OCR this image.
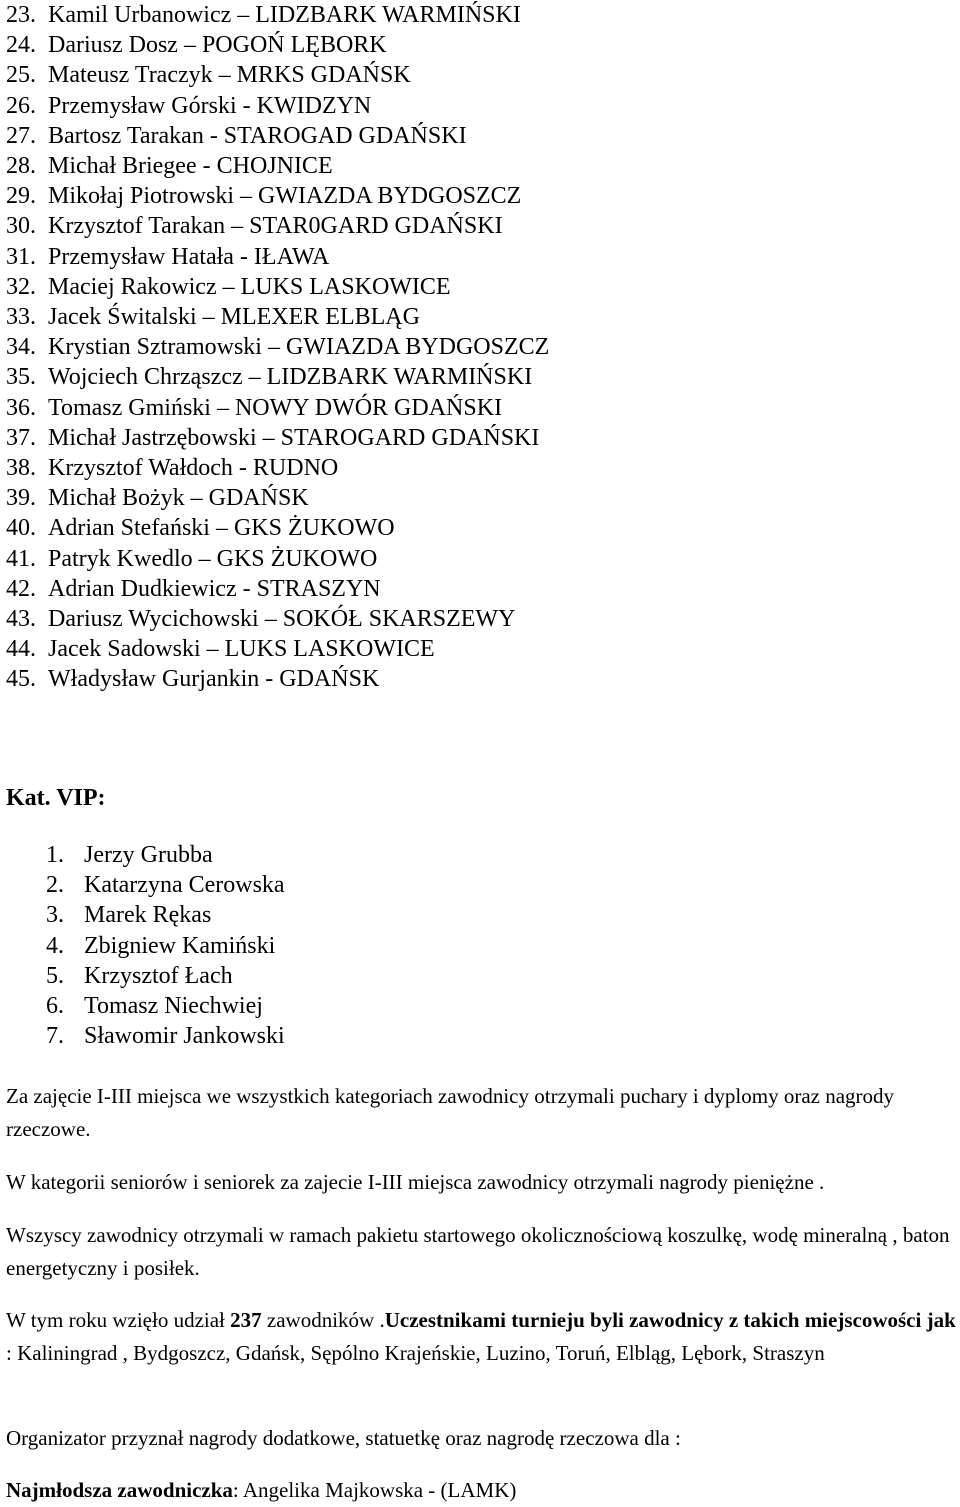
23. Kamil Urbanowicz – LIDZBARK WARMIŃSKI
24. Dariusz Dosz – POGOŃ LĘBORK
25. Mateusz Traczyk – MRKS GDAŃSK
26. Przemysław Górski - KWIDZYN
27. Bartosz Tarakan - STAROGAD GDAŃSKI
28. Michał Briegee - CHOJNICE
29. Mikołaj Piotrowski – GWIAZDA BYDGOSZCZ
30. Krzysztof Tarakan – STAR0GARD GDAŃSKI
31. Przemysław Hatała - IŁAWA
32. Maciej Rakowicz – LUKS LASKOWICE
33. Jacek Świtalski – MLEXER ELBLĄG
34. Krystian Sztramowski – GWIAZDA BYDGOSZCZ
35. Wojciech Chrząszcz – LIDZBARK WARMIŃSKI
36. Tomasz Gmiński – NOWY DWÓR GDAŃSKI
37. Michał Jastrzębowski – STAROGARD GDAŃSKI
38. Krzysztof Wałdoch - RUDNO
39. Michał Bożyk – GDAŃSK
40. Adrian Stefański – GKS ŻUKOWO
41. Patryk Kwedlo – GKS ŻUKOWO
42. Adrian Dudkiewicz - STRASZYN
43. Dariusz Wycichowski – SOKÓŁ SKARSZEWY
44. Jacek Sadowski – LUKS LASKOWICE
45. Władysław Gurjankin - GDAŃSK

Kat. VIP:

1. Jerzy Grubba
2. Katarzyna Cerowska
3. Marek Rękas
4. Zbigniew Kamiński
5. Krzysztof Łach
6. Tomasz Niechwiej
7. Sławomir Jankowski

Za zajęcie I-III miejsca we wszystkich kategoriach zawodnicy otrzymali puchary i dyplomy oraz nagrody rzeczowe.

W kategorii seniorów i seniorek za zajecie I-III miejsca zawodnicy otrzymali nagrody pieniężne .

Wszyscy zawodnicy otrzymali w ramach pakietu startowego okolicznościową koszulkę, wodę mineralną , baton energetyczny i posiłek.

W tym roku wzięło udział 237 zawodników .Uczestnikami turnieju byli zawodnicy z takich miejscowości jak : Kaliningrad , Bydgoszcz, Gdańsk, Sępólno Krajeńskie, Luzino, Toruń, Elbląg, Lębork, Straszyn

Organizator przyznał nagrody dodatkowe, statuetkę oraz nagrodę rzeczowa dla :

Najmłodsza zawodniczka: Angelika Majkowska - (LAMK)
